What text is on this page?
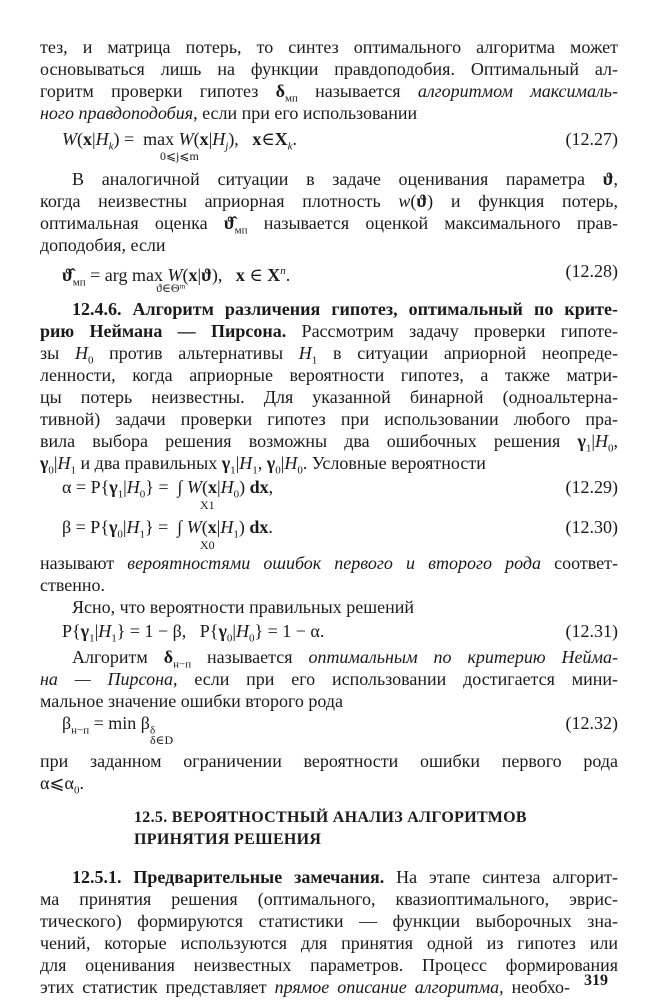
тез, и матрица потерь, то синтез оптимального алгоритма может
основываться лишь на функции правдоподобия. Оптимальный ал-
горитм проверки гипотез $\delta_{мп}$ называется алгоритмом максималь-
ного правдоподобия, если при его использовании
$W(x|H_k) = \max W(x|H_j)$,   $x\in X_k$.
0⩽j⩽m
(12.27)
В аналогичной ситуации в задаче оценивания параметра ϑ,
когда неизвестны априорная плотность w(ϑ) и функция потерь,
оптимальная оценка $ϑ̂_{мп}$ называется оценкой максимального прав-
доподобия, если
$ϑ̂_{мп}$ = arg max W(x|ϑ),   x ∈ $X^n$.
ϑ∈Θᵐ
(12.28)
12.4.6. Алгоритм различения гипотез, оптимальный по крите-
рию Неймана — Пирсона. Рассмотрим задачу проверки гипоте-
зы $H_0$ против альтернативы $H_1$ в ситуации априорной неопреде-
ленности, когда априорные вероятности гипотез, а также матри-
цы потерь неизвестны. Для указанной бинарной (одноальтерна-
тивной) задачи проверки гипотез при использовании любого пра-
вила выбора решения возможны два ошибочных решения $\gamma_1|H_0$,
$\gamma_0|H_1$ и два правильных $\gamma_1|H_1$, $\gamma_0|H_0$. Условные вероятности
$\alpha = P\{\gamma_1|H_0\}$ =  ∫ $W(x|H_0)$ dx,
X1
(12.29)
$\beta = P\{\gamma_0|H_1\}$ =  ∫ $W(x|H_1)$ dx.
X0
(12.30)
называют вероятностями ошибок первого и второго рода соответ-
ственно.
Ясно, что вероятности правильных решений
$P\{\gamma_1|H_1\} = 1 - \beta$,   $P\{\gamma_0|H_0\} = 1 - \alpha$.	(12.31)
Алгоритм $\delta_{н-п}$ называется оптимальным по критерию Нейма-
на — Пирсона, если при его использовании достигается мини-
мальное значение ошибки второго рода
$\beta_{н-п} = \min \beta_\delta$
δ∈D
(12.32)
при заданном ограничении вероятности ошибки первого рода
$\alpha⩽\alpha_0$.
12.5. ВЕРОЯТНОСТНЫЙ АНАЛИЗ АЛГОРИТМОВ
ПРИНЯТИЯ РЕШЕНИЯ
12.5.1. Предварительные замечания. На этапе синтеза алгорит-
ма принятия решения (оптимального, квазиоптимального, эврис-
тического) формируются статистики — функции выборочных зна-
чений, которые используются для принятия одной из гипотез или
для оценивания неизвестных параметров. Процесс формирования
этих статистик представляет прямое описание алгоритма, необхо- 319
